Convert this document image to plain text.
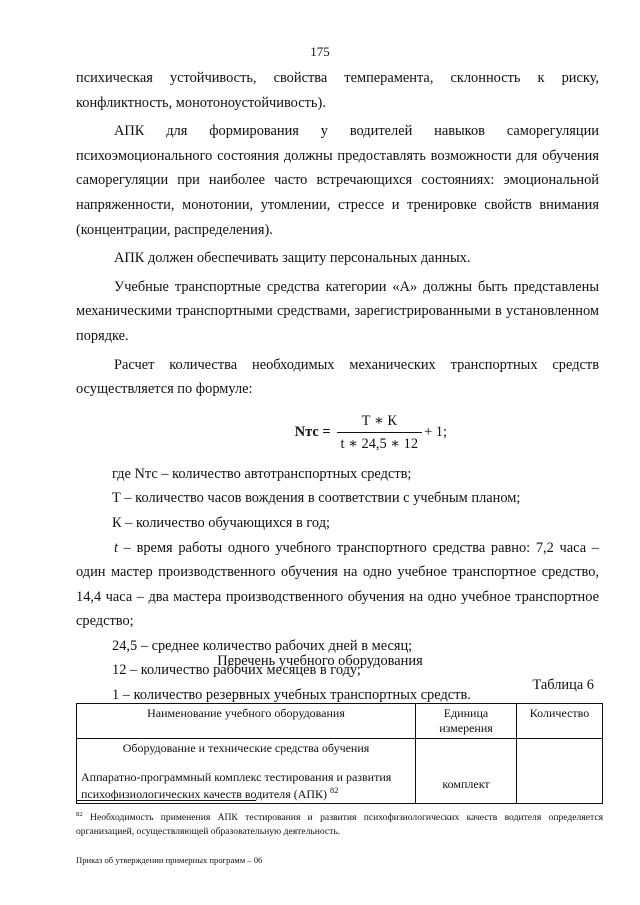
175

психическая устойчивость, свойства темперамента, склонность к риску, конфликтность, монотоноустойчивость).

АПК для формирования у водителей навыков саморегуляции психоэмоционального состояния должны предоставлять возможности для обучения саморегуляции при наиболее часто встречающихся состояниях: эмоциональной напряженности, монотонии, утомлении, стрессе и тренировке свойств внимания (концентрации, распределения).

АПК должен обеспечивать защиту персональных данных.

Учебные транспортные средства категории «А» должны быть представлены механическими транспортными средствами, зарегистрированными в установленном порядке.

Расчет количества необходимых механических транспортных средств осуществляется по формуле:

Nтс = $\frac{Т ∗ К}{t ∗ 24,5 ∗ 12} + 1$;

где Nтс – количество автотранспортных средств;

Т – количество часов вождения в соответствии с учебным планом;

К – количество обучающихся в год;

t – время работы одного учебного транспортного средства равно: 7,2 часа – один мастер производственного обучения на одно учебное транспортное средство, 14,4 часа – два мастера производственного обучения на одно учебное транспортное средство;

24,5 – среднее количество рабочих дней в месяц;

12 – количество рабочих месяцев в году;

1 – количество резервных учебных транспортных средств.

Перечень учебного оборудования
Таблица 6
Наименование учебного оборудования	Единица измерения	Количество

Оборудование и технические средства обучения
Аппаратно-программный комплекс тестирования и развития психофизиологических качеств водителя (АПК) $^{82}$	комплект	
$^{82}$ Необходимость применения АПК тестирования и развития психофизиологических качеств водителя определяется организацией, осуществляющей образовательную деятельность.
Приказ об утверждении примерных программ – 06
